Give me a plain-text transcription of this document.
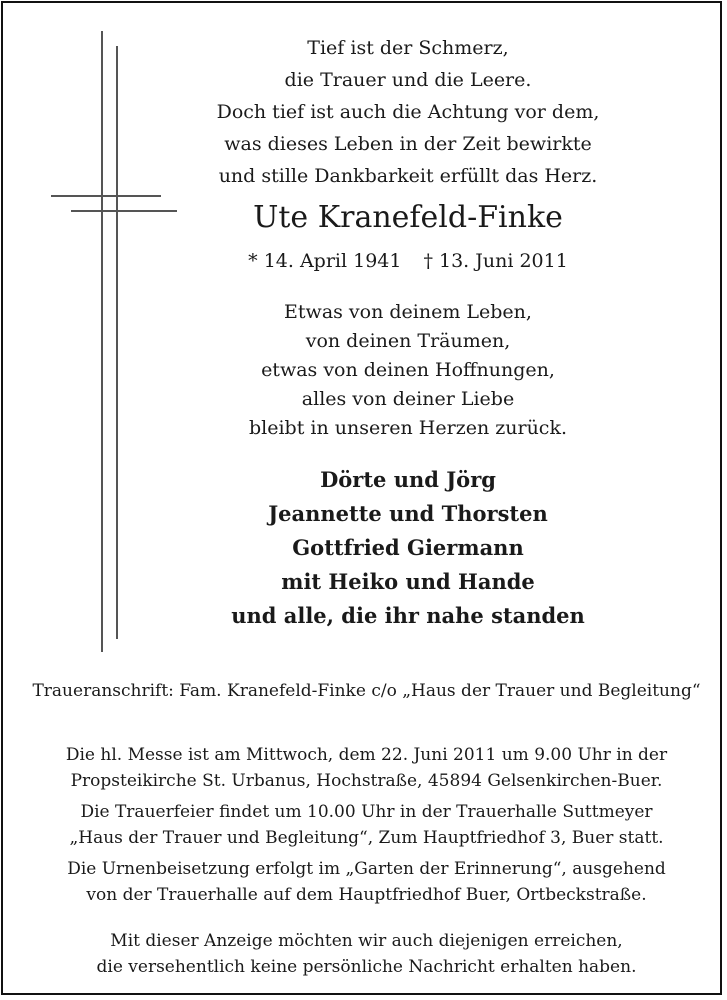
Tief ist der Schmerz,
die Trauer und die Leere.
Doch tief ist auch die Achtung vor dem,
was dieses Leben in der Zeit bewirkte
und stille Dankbarkeit erfüllt das Herz.
Ute Kranefeld-Finke
* 14. April 1941 † 13. Juni 2011
Etwas von deinem Leben,
von deinen Träumen,
etwas von deinen Hoffnungen,
alles von deiner Liebe
bleibt in unseren Herzen zurück.
Dörte und Jörg
Jeannette und Thorsten
Gottfried Giermann
mit Heiko und Hande
und alle, die ihr nahe standen
Traueranschrift: Fam. Kranefeld-Finke c/o „Haus der Trauer und Begleitung“
Die hl. Messe ist am Mittwoch, dem 22. Juni 2011 um 9.00 Uhr in der
Propsteikirche St. Urbanus, Hochstraße, 45894 Gelsenkirchen-Buer.
Die Trauerfeier findet um 10.00 Uhr in der Trauerhalle Suttmeyer
„Haus der Trauer und Begleitung“, Zum Hauptfriedhof 3, Buer statt.
Die Urnenbeisetzung erfolgt im „Garten der Erinnerung“, ausgehend
von der Trauerhalle auf dem Hauptfriedhof Buer, Ortbeckstraße.
Mit dieser Anzeige möchten wir auch diejenigen erreichen,
die versehentlich keine persönliche Nachricht erhalten haben.
